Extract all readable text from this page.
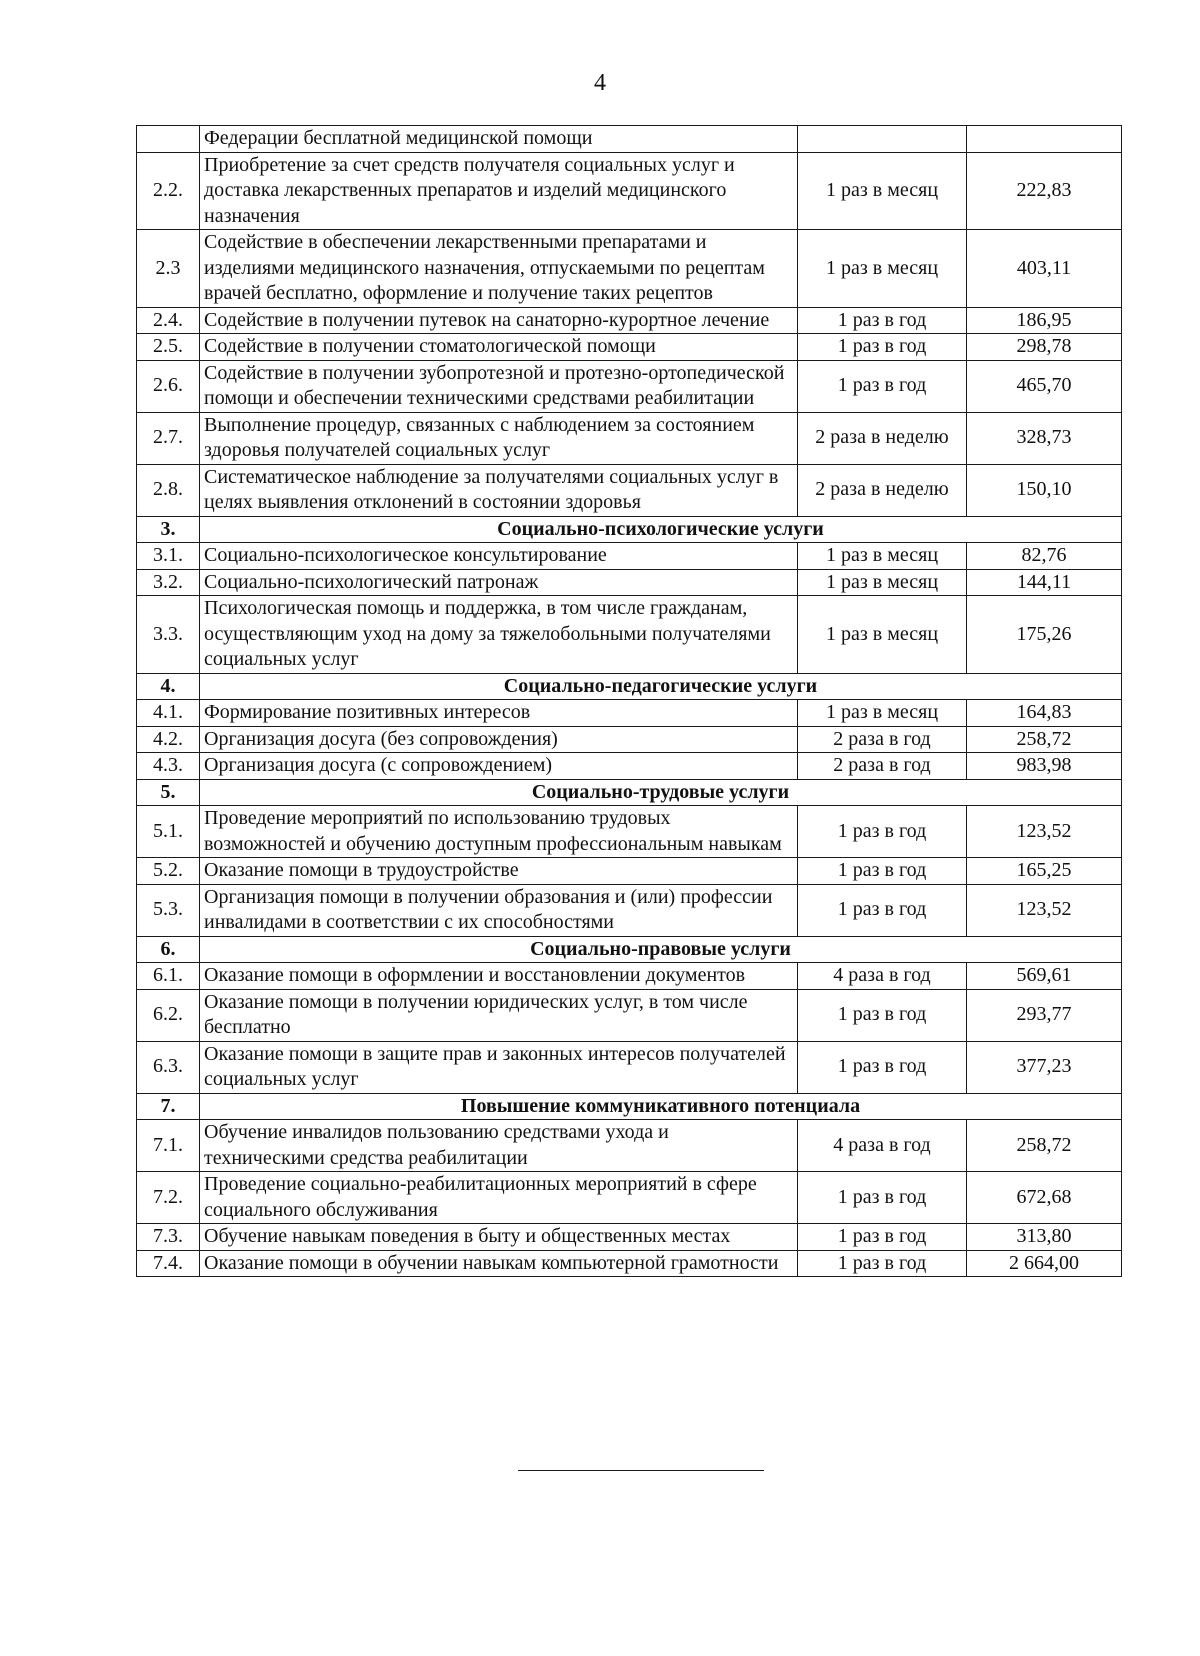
4
	Федерации бесплатной медицинской помощи		
2.2.	Приобретение за счет средств получателя социальных услуг и доставка лекарственных препаратов и изделий медицинского назначения	1 раз в месяц	222,83
2.3	Содействие в обеспечении лекарственными препаратами и изделиями медицинского назначения, отпускаемыми по рецептам врачей бесплатно, оформление и получение таких рецептов	1 раз в месяц	403,11
2.4.	Содействие в получении путевок на санаторно-курортное лечение	1 раз в год	186,95
2.5.	Содействие в получении стоматологической помощи	1 раз в год	298,78
2.6.	Содействие в получении зубопротезной и протезно-ортопедической помощи и обеспечении техническими средствами реабилитации	1 раз в год	465,70
2.7.	Выполнение процедур, связанных с наблюдением за состоянием здоровья получателей социальных услуг	2 раза в неделю	328,73
2.8.	Систематическое наблюдение за получателями социальных услуг в целях выявления отклонений в состоянии здоровья	2 раза в неделю	150,10
3.	Социально-психологические услуги		
3.1.	Социально-психологическое консультирование	1 раз в месяц	82,76
3.2.	Социально-психологический патронаж	1 раз в месяц	144,11
3.3.	Психологическая помощь и поддержка, в том числе гражданам, осуществляющим уход на дому за тяжелобольными получателями социальных услуг	1 раз в месяц	175,26
4.	Социально-педагогические услуги		
4.1.	Формирование позитивных интересов	1 раз в месяц	164,83
4.2.	Организация досуга (без сопровождения)	2 раза в год	258,72
4.3.	Организация досуга (с сопровождением)	2 раза в год	983,98
5.	Социально-трудовые услуги		
5.1.	Проведение мероприятий по использованию трудовых возможностей и обучению доступным профессиональным навыкам	1 раз в год	123,52
5.2.	Оказание помощи в трудоустройстве	1 раз в год	165,25
5.3.	Организация помощи в получении образования и (или) профессии инвалидами в соответствии с их способностями	1 раз в год	123,52
6.	Социально-правовые услуги		
6.1.	Оказание помощи в оформлении и восстановлении документов	4 раза в год	569,61
6.2.	Оказание помощи в получении юридических услуг, в том числе бесплатно	1 раз в год	293,77
6.3.	Оказание помощи в защите прав и законных интересов получателей социальных услуг	1 раз в год	377,23
7.	Повышение коммуникативного потенциала		
7.1.	Обучение инвалидов пользованию средствами ухода и техническими средства реабилитации	4 раза в год	258,72
7.2.	Проведение социально-реабилитационных мероприятий в сфере социального обслуживания	1 раз в год	672,68
7.3.	Обучение навыкам поведения в быту и общественных местах	1 раз в год	313,80
7.4.	Оказание помощи в обучении навыкам компьютерной грамотности	1 раз в год	2 664,00
